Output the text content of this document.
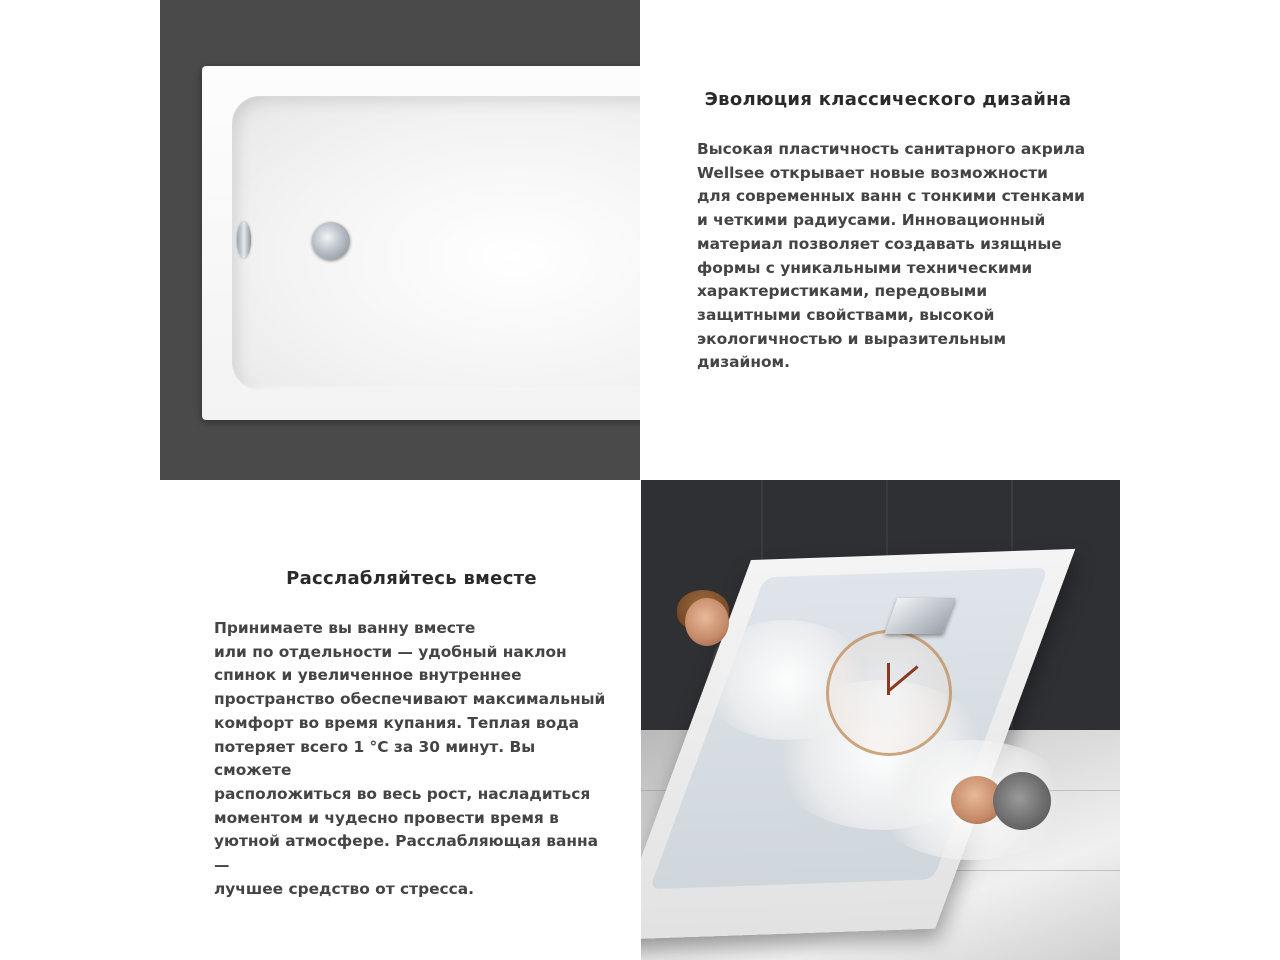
Эволюция классического дизайна

Высокая пластичность санитарного акрила
Wellsee открывает новые возможности
для современных ванн с тонкими стенками
и четкими радиусами. Инновационный
материал позволяет создавать изящные
формы с уникальными техническими
характеристиками, передовыми
защитными свойствами, высокой
экологичностью и выразительным
дизайном.

Расслабляйтесь вместе

Принимаете вы ванну вместе
или по отдельности — удобный наклон
спинок и увеличенное внутреннее
пространство обеспечивают максимальный
комфорт во время купания. Теплая вода
потеряет всего 1 °С за 30 минут. Вы сможете
расположиться во весь рост, насладиться
моментом и чудесно провести время в
уютной атмосфере. Расслабляющая ванна —
лучшее средство от стресса.
